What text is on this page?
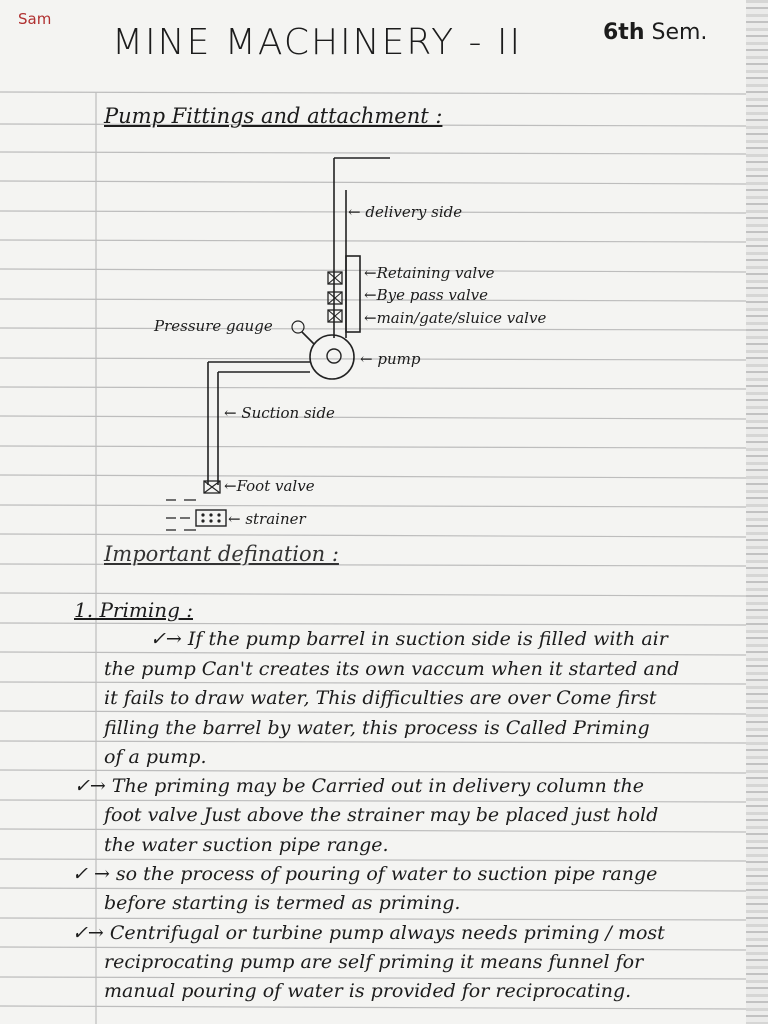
Sam

MINE MACHINERY - II	6th Sem.

Pump Fittings and attachment :

← delivery side
←Retaining valve
←Bye pass valve
←main/gate/sluice valve
Pressure gauge
← pump
← Suction side
←Foot valve
← strainer

Important defination :

1. Priming :

✓→ If the pump barrel in suction side is filled with air

the pump Can't creates its own vaccum when it started and

it fails to draw water, This difficulties are over Come first

filling the barrel by water, this process is Called Priming

of a pump.

✓→ The priming may be Carried out in delivery column the

foot valve Just above the strainer may be placed just hold

the water suction pipe range.

✓ → so the process of pouring of water to suction pipe range

before starting is termed as priming.

✓→ Centrifugal or turbine pump always needs priming / most

reciprocating pump are self priming it means funnel for

manual pouring of water is provided for reciprocating.
